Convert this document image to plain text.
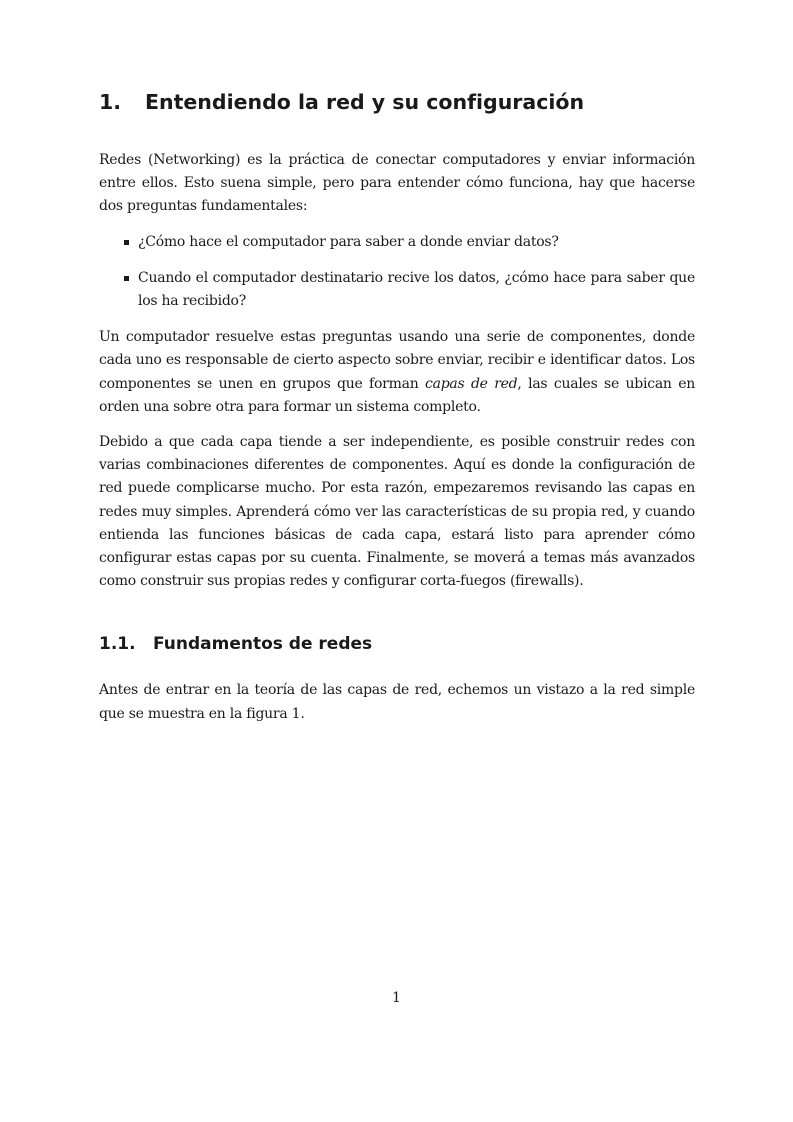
1.	Entendiendo la red y su configuración

Redes (Networking) es la práctica de conectar computadores y enviar información entre ellos. Esto suena simple, pero para entender cómo funciona, hay que hacerse dos preguntas fundamentales:

¿Cómo hace el computador para saber a donde enviar datos?
Cuando el computador destinatario recive los datos, ¿cómo hace para saber que los ha recibido?

Un computador resuelve estas preguntas usando una serie de componentes, donde cada uno es responsable de cierto aspecto sobre enviar, recibir e identificar datos. Los componentes se unen en grupos que forman capas de red, las cuales se ubican en orden una sobre otra para formar un sistema completo.

Debido a que cada capa tiende a ser independiente, es posible construir redes con varias combinaciones diferentes de componentes. Aquí es donde la configuración de red puede complicarse mucho. Por esta razón, empezaremos revisando las capas en redes muy simples. Aprenderá cómo ver las características de su propia red, y cuando entienda las funciones básicas de cada capa, estará listo para aprender cómo configurar estas capas por su cuenta. Finalmente, se moverá a temas más avanzados como construir sus propias redes y configurar corta-fuegos (firewalls).

1.1.	Fundamentos de redes

Antes de entrar en la teoría de las capas de red, echemos un vistazo a la red simple que se muestra en la figura 1.

1
